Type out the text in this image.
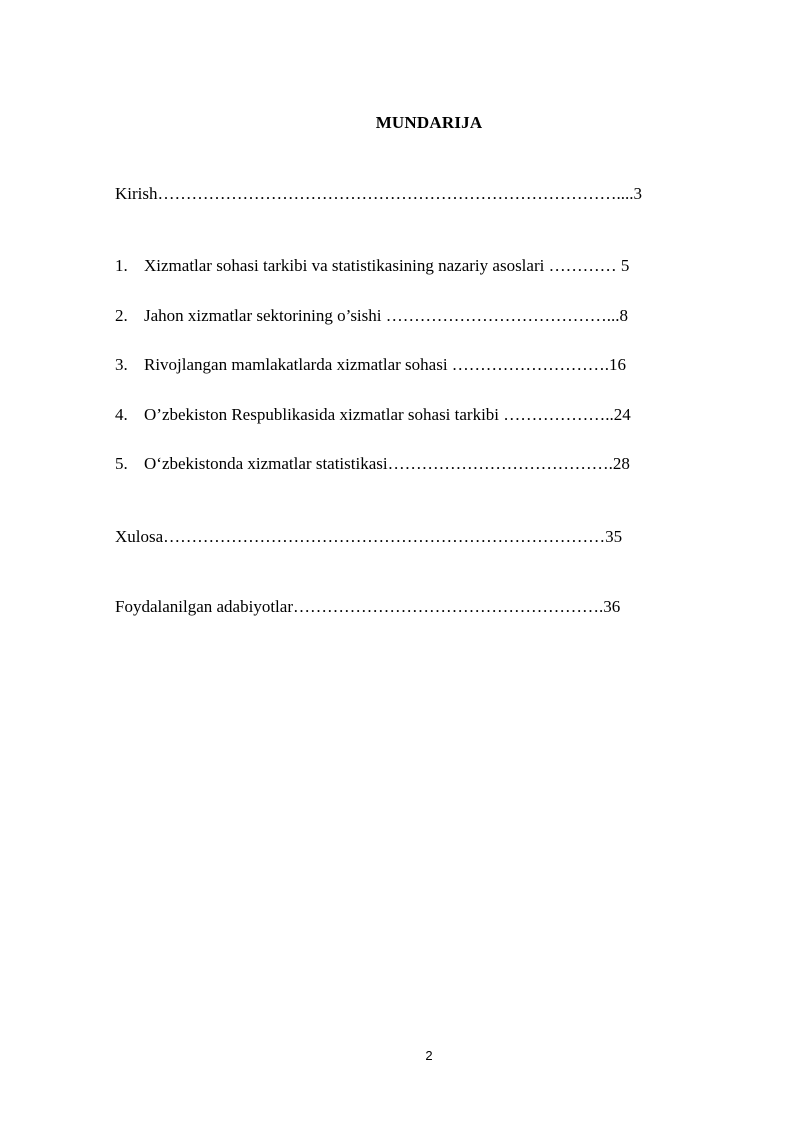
MUNDARIJA
Kirish………………………………………………………………………....3
1. Xizmatlar sohasi tarkibi va statistikasining nazariy asoslari ………… 5
2. Jahon xizmatlar sektorining o’sishi …………………………………...8
3. Rivojlangan mamlakatlarda xizmatlar sohasi ……………………….16
4. O’zbekiston Respublikasida xizmatlar sohasi tarkibi ………………..24
5. O‘zbekistonda xizmatlar statistikasi………………………………….28
Xulosa……………………………………………………………………35
Foydalanilgan adabiyotlar……………………………………………….36
2
